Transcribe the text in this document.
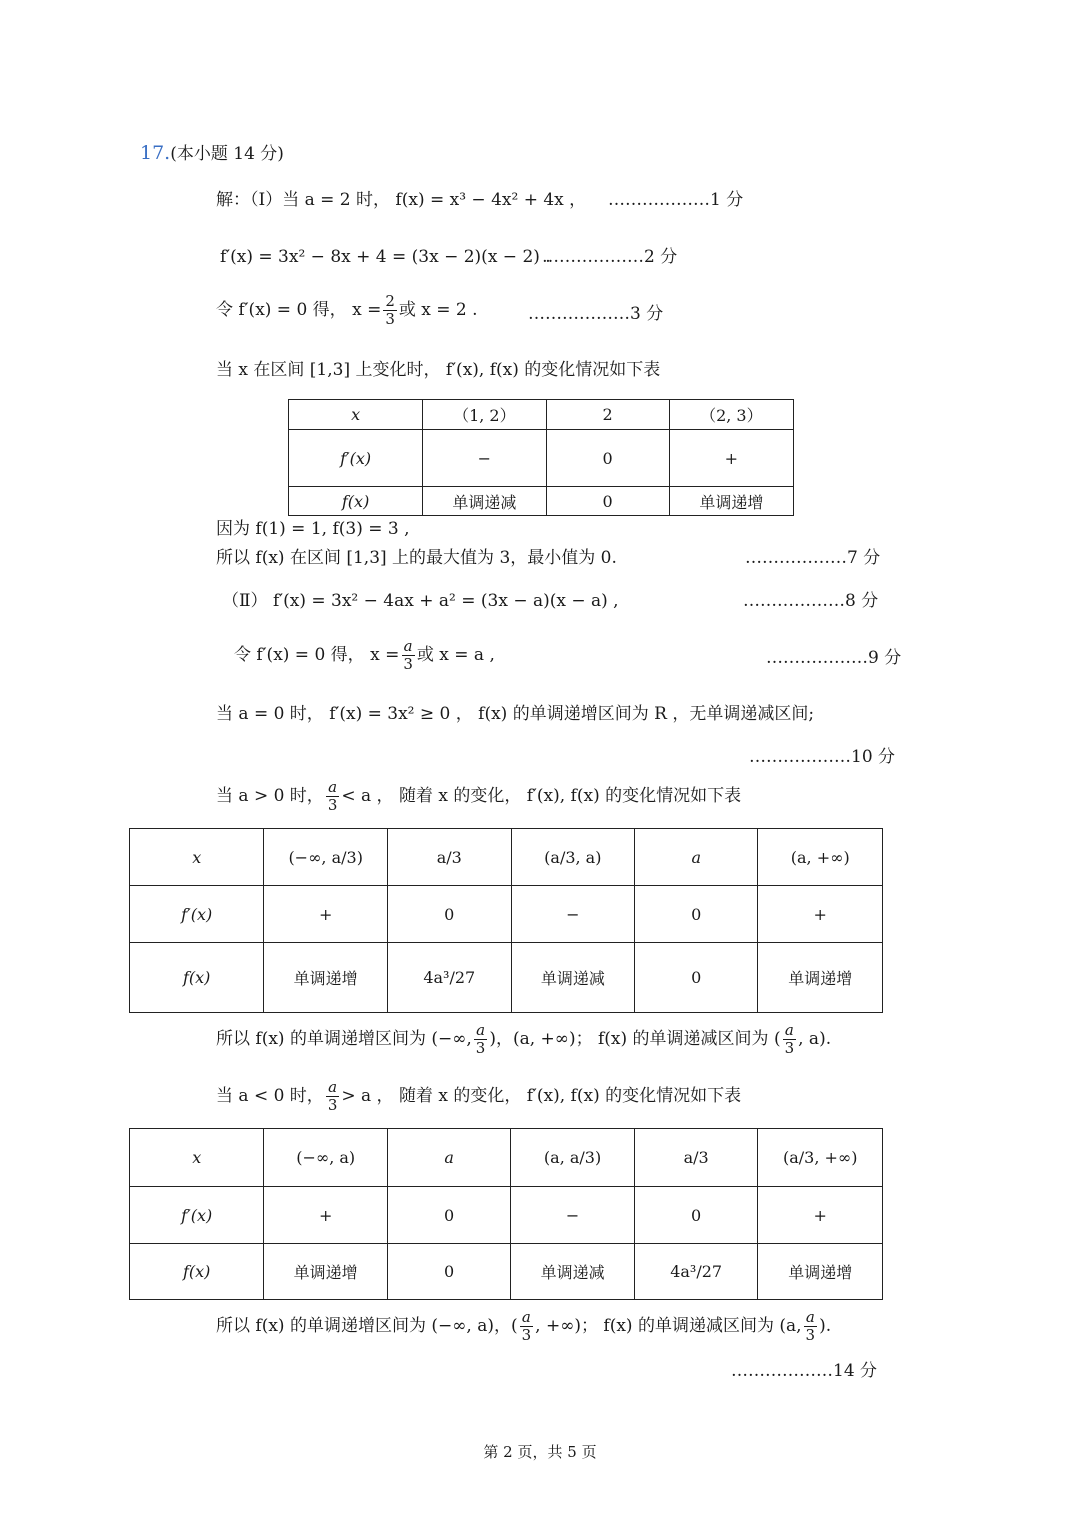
17.(本小题 14 分)
解：（Ⅰ）当 a = 2 时， f(x) = x³ − 4x² + 4x ， ………………1 分
f′(x) = 3x² − 8x + 4 = (3x − 2)(x − 2) .
………………2 分
令 f′(x) = 0 得， $x = \frac{2}{3}$ 或 x = 2 .	………………3 分
当 x 在区间 [1,3] 上变化时， f′(x), f(x) 的变化情况如下表
x	（1, 2）	2	（2, 3）
f′(x)	−	0	+
f(x)	单调递减	0	单调递增
因为 f(1) = 1, f(3) = 3 ,
所以 f(x) 在区间 [1,3] 上的最大值为 3，最小值为 0.	………………7 分
（Ⅱ） f′(x) = 3x² − 4ax + a² = (3x − a)(x − a) ,	………………8 分
令 f′(x) = 0 得， $x = \frac{a}{3}$ 或 x = a ,	………………9 分
当 a = 0 时， f′(x) = 3x² ≥ 0 ， f(x) 的单调递增区间为 R ，无单调递减区间;
………………10 分
当 a > 0 时， $\frac{a}{3} < a$ ， 随着 x 的变化， f′(x), f(x) 的变化情况如下表
x	(−∞, a/3)	a/3	(a/3, a)	a	(a, +∞)
f′(x)	+	0	−	0	+
f(x)	单调递增	4a³/27	单调递减	0	单调递增
所以 f(x) 的单调递增区间为 (−∞, $\frac{a}{3}$ )，(a, +∞)； f(x) 的单调递减区间为 ( $\frac{a}{3}$ , a).
当 a < 0 时， $\frac{a}{3} > a$ ， 随着 x 的变化， f′(x), f(x) 的变化情况如下表
x	(−∞, a)	a	(a, a/3)	a/3	(a/3, +∞)
f′(x)	+	0	−	0	+
f(x)	单调递增	0	单调递减	4a³/27	单调递增
所以 f(x) 的单调递增区间为 (−∞, a)，( $\frac{a}{3}$ , +∞)； f(x) 的单调递减区间为 (a, $\frac{a}{3}$ ).
………………14 分
第 2 页，共 5 页
